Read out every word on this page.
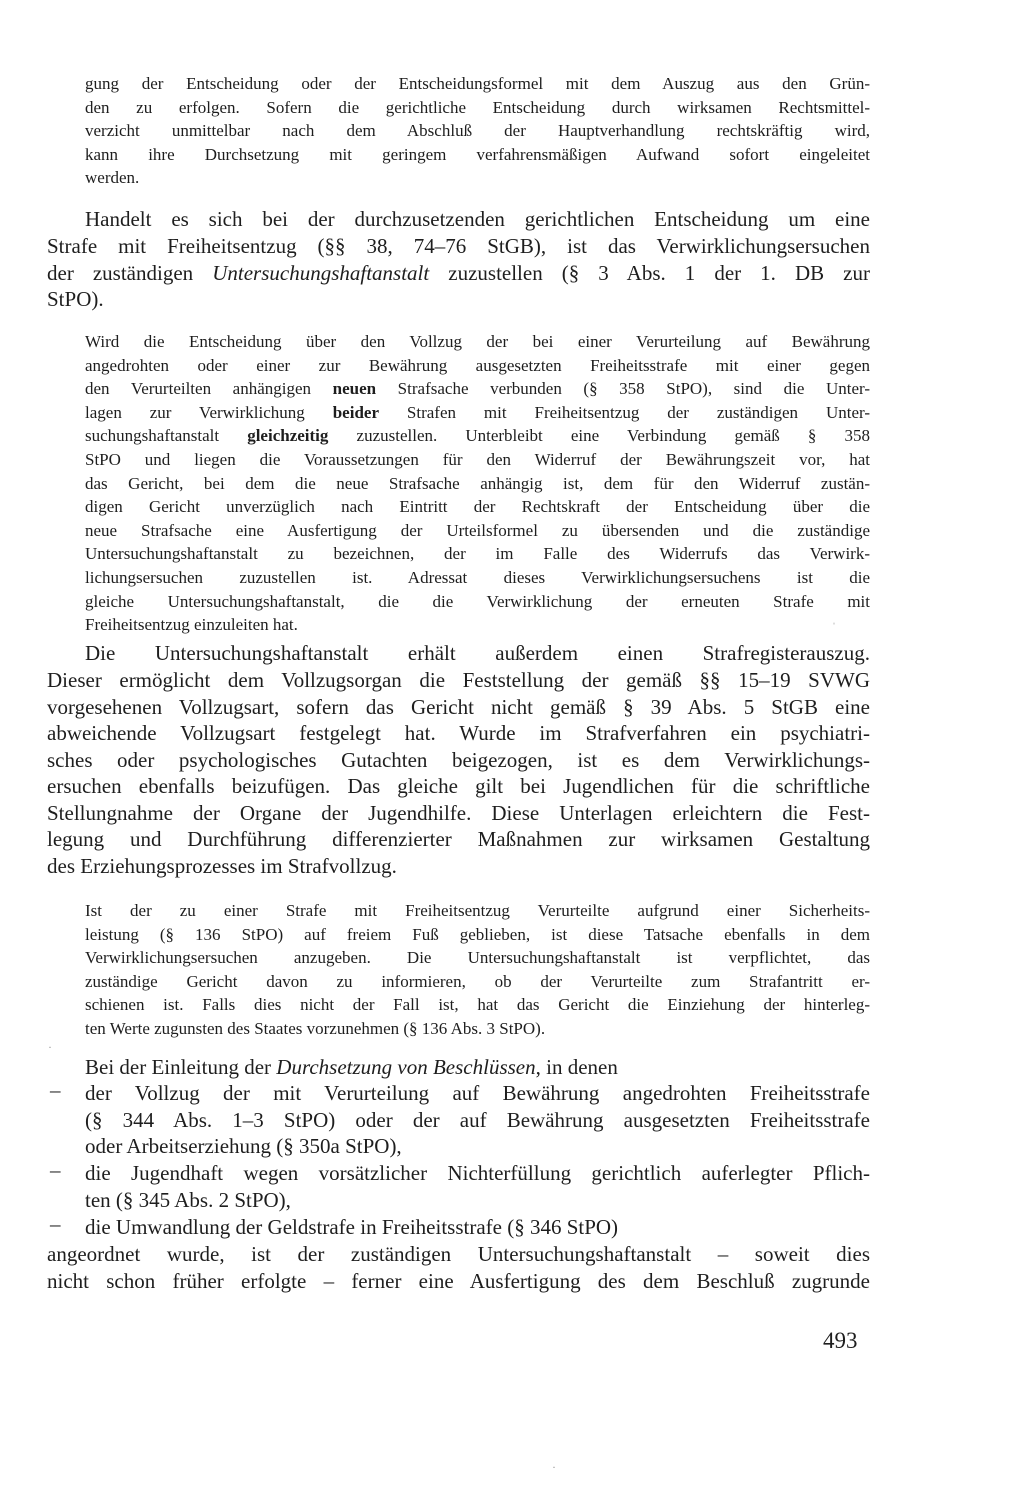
gung der Entscheidung oder der Entscheidungsformel mit dem Auszug aus den Grün-
den zu erfolgen. Sofern die gerichtliche Entscheidung durch wirksamen Rechtsmittel-
verzicht unmittelbar nach dem Abschluß der Hauptverhandlung rechtskräftig wird,
kann ihre Durchsetzung mit geringem verfahrensmäßigen Aufwand sofort eingeleitet
werden.
Handelt es sich bei der durchzusetzenden gerichtlichen Entscheidung um eine
Strafe mit Freiheitsentzug (§§ 38, 74–76 StGB), ist das Verwirklichungsersuchen
der zuständigen Untersuchungshaftanstalt zuzustellen (§ 3 Abs. 1 der 1. DB zur
StPO).
Wird die Entscheidung über den Vollzug der bei einer Verurteilung auf Bewährung
angedrohten oder einer zur Bewährung ausgesetzten Freiheitsstrafe mit einer gegen
den Verurteilten anhängigen neuen Strafsache verbunden (§ 358 StPO), sind die Unter-
lagen zur Verwirklichung beider Strafen mit Freiheitsentzug der zuständigen Unter-
suchungshaftanstalt gleichzeitig zuzustellen. Unterbleibt eine Verbindung gemäß § 358
StPO und liegen die Voraussetzungen für den Widerruf der Bewährungszeit vor, hat
das Gericht, bei dem die neue Strafsache anhängig ist, dem für den Widerruf zustän-
digen Gericht unverzüglich nach Eintritt der Rechtskraft der Entscheidung über die
neue Strafsache eine Ausfertigung der Urteilsformel zu übersenden und die zuständige
Untersuchungshaftanstalt zu bezeichnen, der im Falle des Widerrufs das Verwirk-
lichungsersuchen zuzustellen ist. Adressat dieses Verwirklichungsersuchens ist die
gleiche Untersuchungshaftanstalt, die die Verwirklichung der erneuten Strafe mit
Freiheitsentzug einzuleiten hat.
Die Untersuchungshaftanstalt erhält außerdem einen Strafregisterauszug.
Dieser ermöglicht dem Vollzugsorgan die Feststellung der gemäß §§ 15–19 SVWG
vorgesehenen Vollzugsart, sofern das Gericht nicht gemäß § 39 Abs. 5 StGB eine
abweichende Vollzugsart festgelegt hat. Wurde im Strafverfahren ein psychiatri-
sches oder psychologisches Gutachten beigezogen, ist es dem Verwirklichungs-
ersuchen ebenfalls beizufügen. Das gleiche gilt bei Jugendlichen für die schriftliche
Stellungnahme der Organe der Jugendhilfe. Diese Unterlagen erleichtern die Fest-
legung und Durchführung differenzierter Maßnahmen zur wirksamen Gestaltung
des Erziehungsprozesses im Strafvollzug.
Ist der zu einer Strafe mit Freiheitsentzug Verurteilte aufgrund einer Sicherheits-
leistung (§ 136 StPO) auf freiem Fuß geblieben, ist diese Tatsache ebenfalls in dem
Verwirklichungsersuchen anzugeben. Die Untersuchungshaftanstalt ist verpflichtet, das
zuständige Gericht davon zu informieren, ob der Verurteilte zum Strafantritt er-
schienen ist. Falls dies nicht der Fall ist, hat das Gericht die Einziehung der hinterleg-
ten Werte zugunsten des Staates vorzunehmen (§ 136 Abs. 3 StPO).
Bei der Einleitung der Durchsetzung von Beschlüssen, in denen
– der Vollzug der mit Verurteilung auf Bewährung angedrohten Freiheitsstrafe
(§ 344 Abs. 1–3 StPO) oder der auf Bewährung ausgesetzten Freiheitsstrafe
oder Arbeitserziehung (§ 350a StPO),
– die Jugendhaft wegen vorsätzlicher Nichterfüllung gerichtlich auferlegter Pflich-
ten (§ 345 Abs. 2 StPO),
– die Umwandlung der Geldstrafe in Freiheitsstrafe (§ 346 StPO)
angeordnet wurde, ist der zuständigen Untersuchungshaftanstalt – soweit dies
nicht schon früher erfolgte – ferner eine Ausfertigung des dem Beschluß zugrunde
493
·
·
ˈ
